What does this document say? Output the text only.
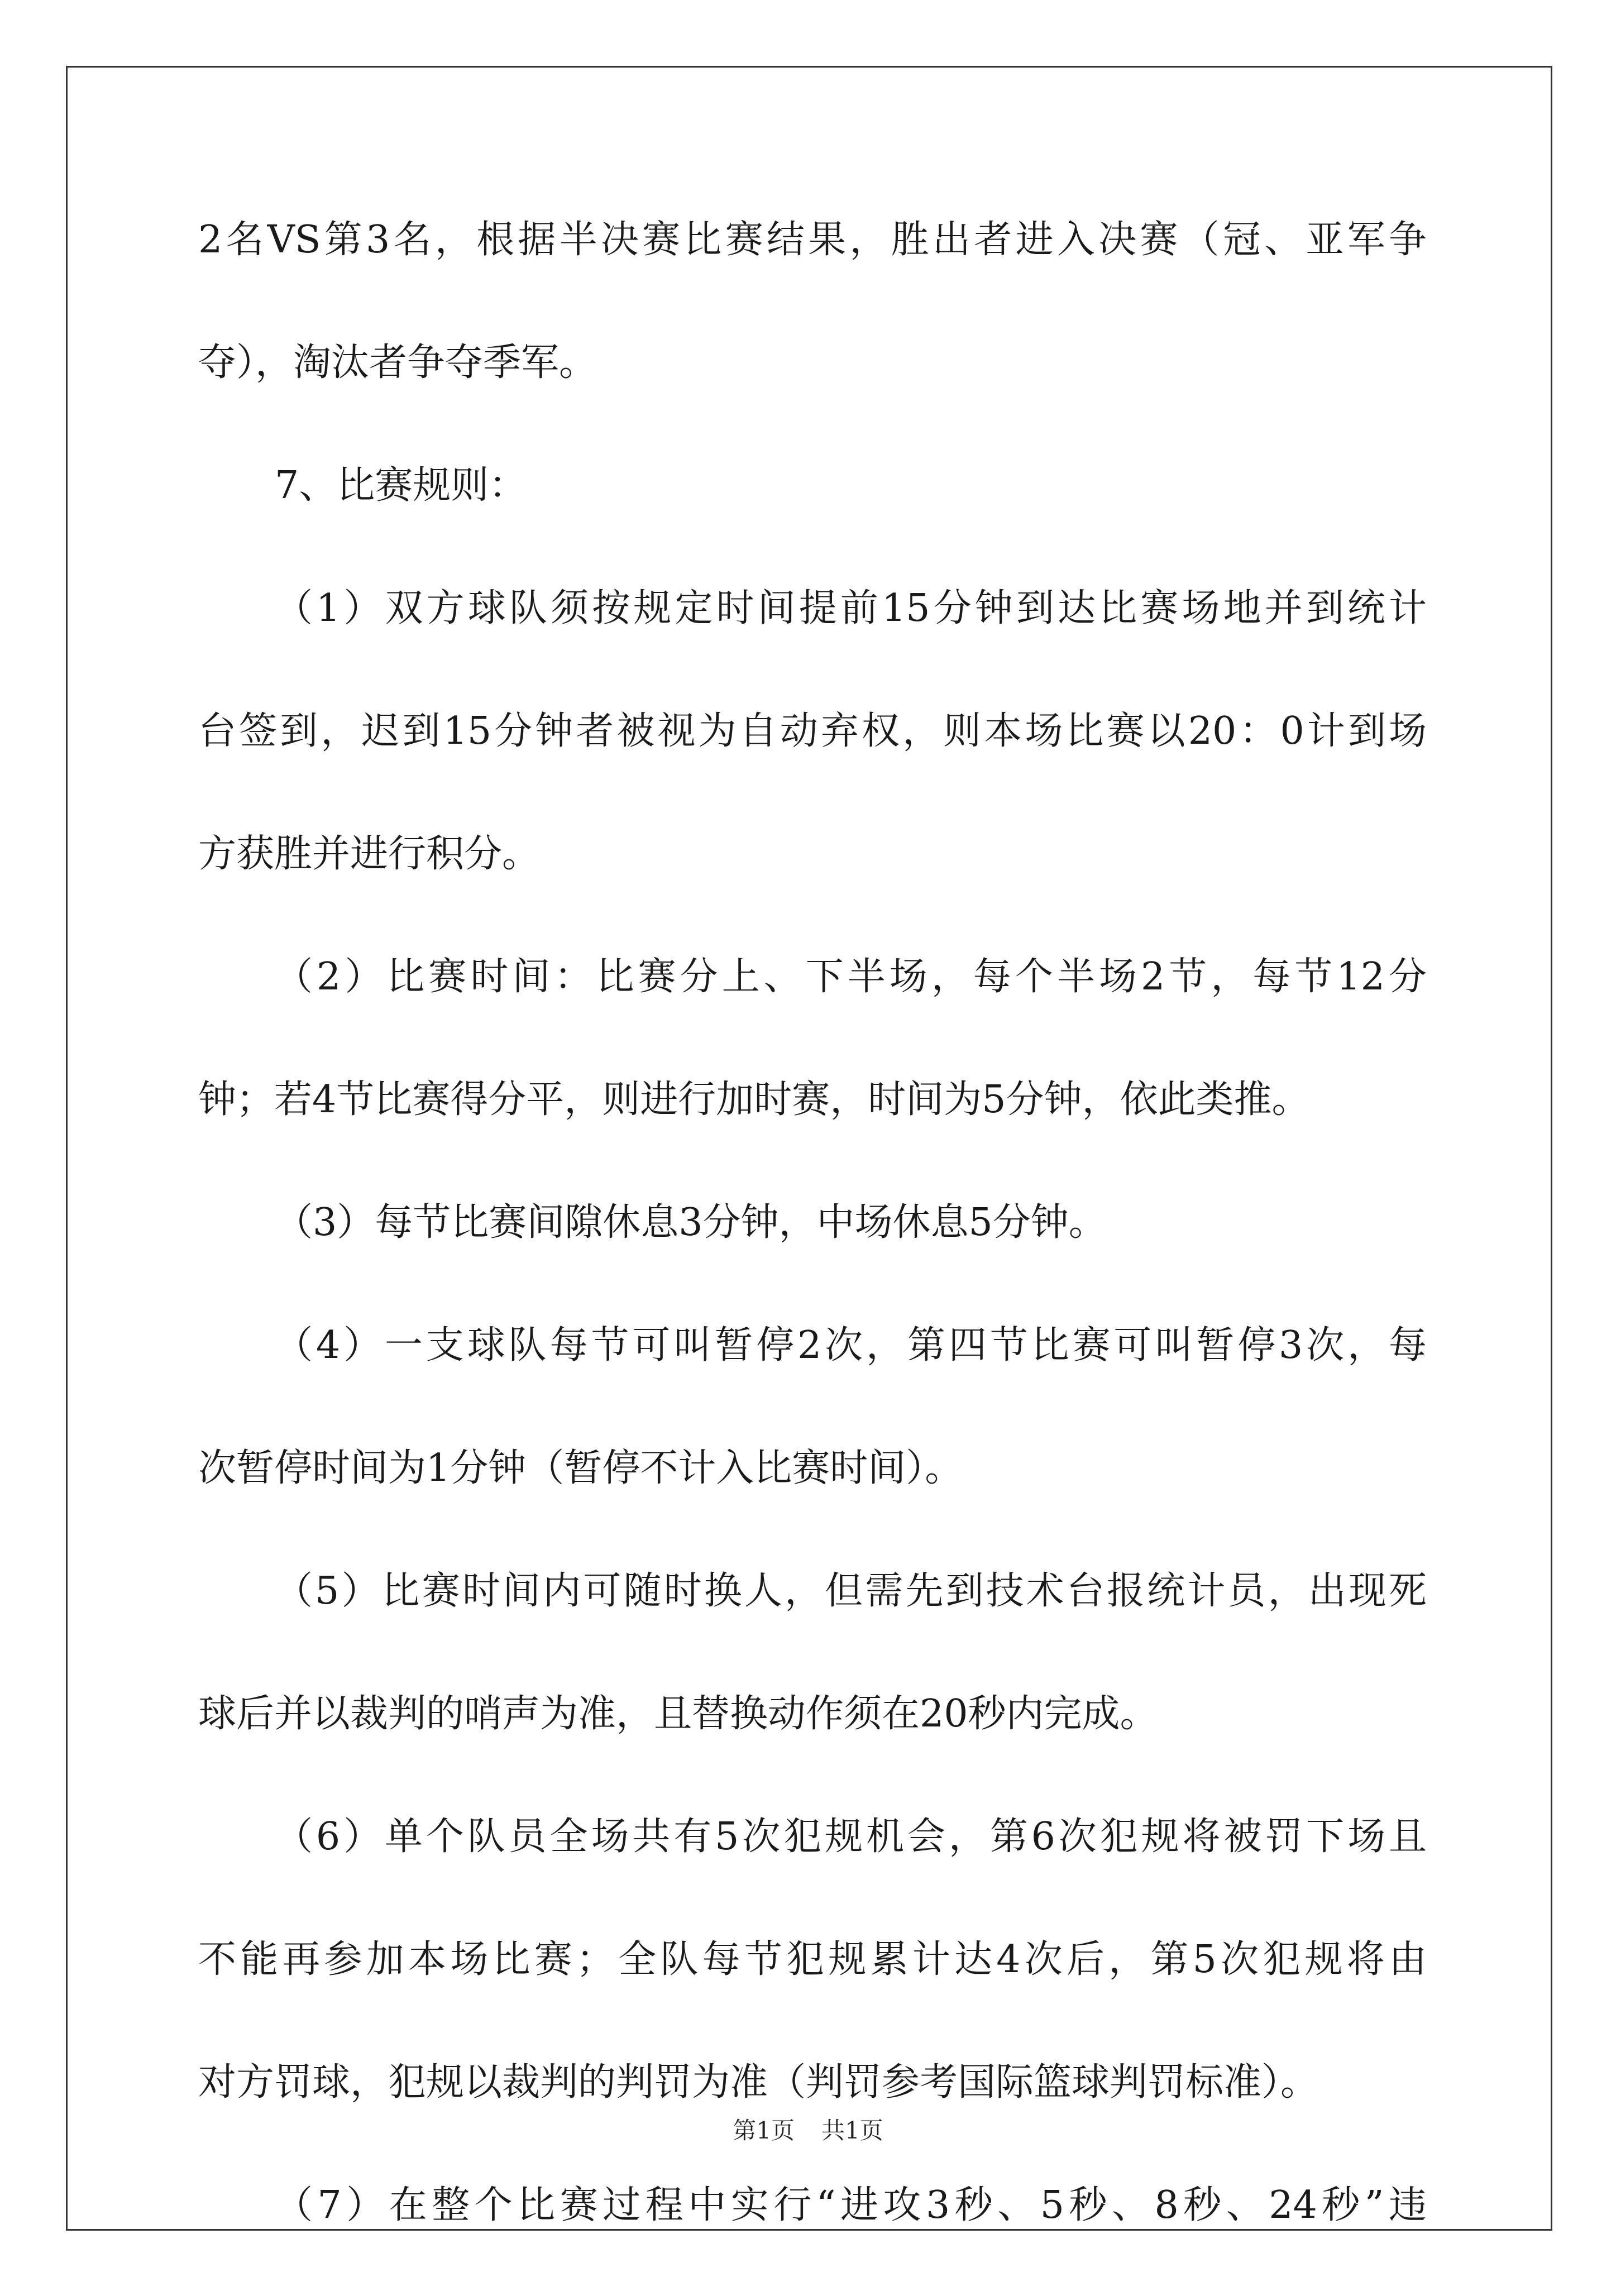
2名VS第3名，根据半决赛比赛结果，胜出者进入决赛（冠、亚军争
夺），淘汰者争夺季军。
7、比赛规则：
（1）双方球队须按规定时间提前15分钟到达比赛场地并到统计
台签到，迟到15分钟者被视为自动弃权，则本场比赛以20：0计到场
方获胜并进行积分。
（2）比赛时间：比赛分上、下半场，每个半场2节，每节12分
钟；若4节比赛得分平，则进行加时赛，时间为5分钟，依此类推。
（3）每节比赛间隙休息3分钟，中场休息5分钟。
（4）一支球队每节可叫暂停2次，第四节比赛可叫暂停3次，每
次暂停时间为1分钟（暂停不计入比赛时间）。
（5）比赛时间内可随时换人，但需先到技术台报统计员，出现死
球后并以裁判的哨声为准，且替换动作须在20秒内完成。
（6）单个队员全场共有5次犯规机会，第6次犯规将被罚下场且
不能再参加本场比赛；全队每节犯规累计达4次后，第5次犯规将由
对方罚球，犯规以裁判的判罚为准（判罚参考国际篮球判罚标准）。
（7）在整个比赛过程中实行“进攻3秒、5秒、8秒、24秒”违
第1页 共1页
